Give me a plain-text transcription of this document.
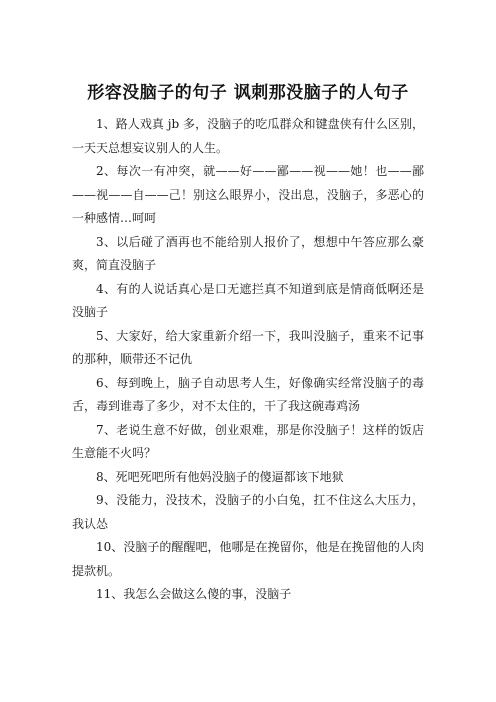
形容没脑子的句子 讽刺那没脑子的人句子

1、路人戏真 jb 多，没脑子的吃瓜群众和键盘侠有什么区别，一天天总想妄议别人的人生。

2、每次一有冲突，就——好——鄙——视——她！也——鄙——视——自——己！别这么眼界小，没出息，没脑子，多恶心的一种感情…呵呵

3、以后碰了酒再也不能给别人报价了，想想中午答应那么豪爽，简直没脑子

4、有的人说话真心是口无遮拦真不知道到底是情商低啊还是没脑子

5、大家好，给大家重新介绍一下，我叫没脑子，重来不记事的那种，顺带还不记仇

6、每到晚上，脑子自动思考人生，好像确实经常没脑子的毒舌，毒到谁毒了多少，对不太住的，干了我这碗毒鸡汤

7、老说生意不好做，创业艰难，那是你没脑子！这样的饭店生意能不火吗？

8、死吧死吧所有他妈没脑子的傻逼都该下地狱

9、没能力，没技术，没脑子的小白兔，扛不住这么大压力，我认怂

10、没脑子的醒醒吧，他哪是在挽留你，他是在挽留他的人肉提款机。

11、我怎么会做这么傻的事，没脑子
